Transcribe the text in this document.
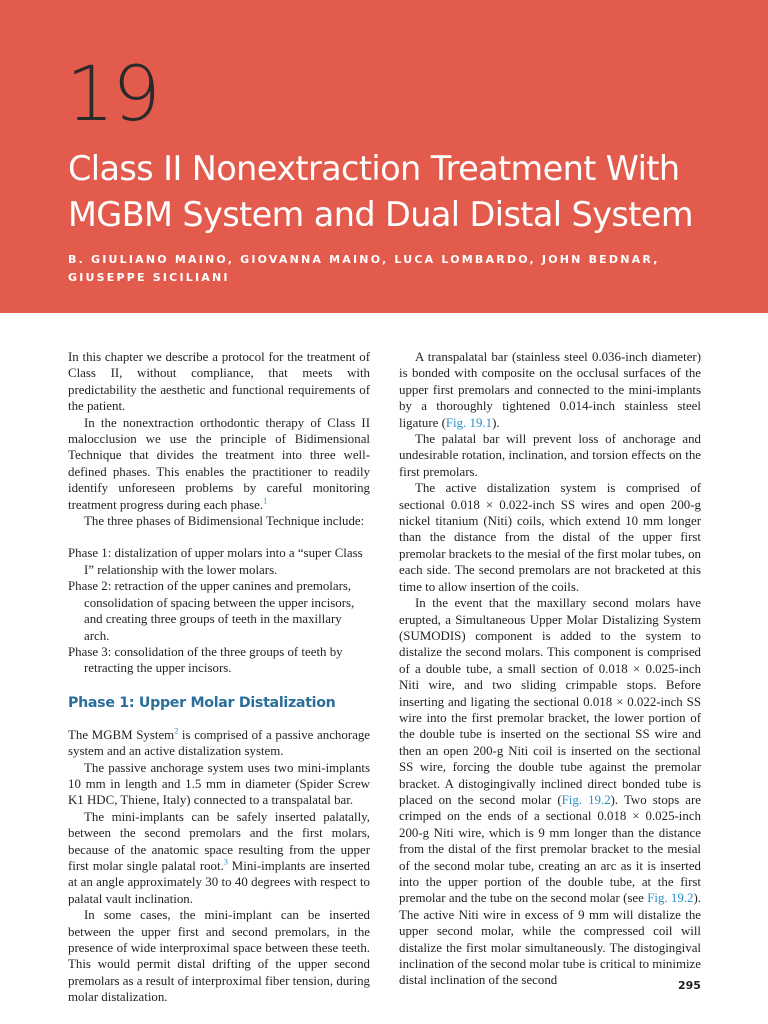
19
Class II Nonextraction Treatment With MGBM System and Dual Distal System
B. GIULIANO MAINO, GIOVANNA MAINO, LUCA LOMBARDO, JOHN BEDNAR, GIUSEPPE SICILIANI

In this chapter we describe a protocol for the treatment of Class II, without compliance, that meets with predictability the aesthetic and functional requirements of the patient.

In the nonextraction orthodontic therapy of Class II malocclusion we use the principle of Bidimensional Technique that divides the treatment into three well-defined phases. This enables the practitioner to readily identify unforeseen problems by careful monitoring treatment progress during each phase.$^1$

The three phases of Bidimensional Technique include:

Phase 1: distalization of upper molars into a “super Class I” relationship with the lower molars.

Phase 2: retraction of the upper canines and premolars, consolidation of spacing between the upper incisors, and creating three groups of teeth in the maxillary arch.

Phase 3: consolidation of the three groups of teeth by retracting the upper incisors.

Phase 1: Upper Molar Distalization

The MGBM System$^2$ is comprised of a passive anchorage system and an active distalization system.

The passive anchorage system uses two mini-implants 10 mm in length and 1.5 mm in diameter (Spider Screw K1 HDC, Thiene, Italy) connected to a transpalatal bar.

The mini-implants can be safely inserted palatally, between the second premolars and the first molars, because of the anatomic space resulting from the upper first molar single palatal root.$^3$ Mini-implants are inserted at an angle approximately 30 to 40 degrees with respect to palatal vault inclination.

In some cases, the mini-implant can be inserted between the upper first and second premolars, in the presence of wide interproximal space between these teeth. This would permit distal drifting of the upper second premolars as a result of interproximal fiber tension, during molar distalization.

A transpalatal bar (stainless steel 0.036-inch diameter) is bonded with composite on the occlusal surfaces of the upper first premolars and connected to the mini-implants by a thoroughly tightened 0.014-inch stainless steel ligature (Fig. 19.1).

The palatal bar will prevent loss of anchorage and undesirable rotation, inclination, and torsion effects on the first premolars.

The active distalization system is comprised of sectional 0.018 × 0.022-inch SS wires and open 200-g nickel titanium (Niti) coils, which extend 10 mm longer than the distance from the distal of the upper first premolar brackets to the mesial of the first molar tubes, on each side. The second premolars are not bracketed at this time to allow insertion of the coils.

In the event that the maxillary second molars have erupted, a Simultaneous Upper Molar Distalizing System (SUMODIS) component is added to the system to distalize the second molars. This component is comprised of a double tube, a small section of 0.018 × 0.025-inch Niti wire, and two sliding crimpable stops. Before inserting and ligating the sectional 0.018 × 0.022-inch SS wire into the first premolar bracket, the lower portion of the double tube is inserted on the sectional SS wire and then an open 200-g Niti coil is inserted on the sectional SS wire, forcing the double tube against the premolar bracket. A distogingivally inclined direct bonded tube is placed on the second molar (Fig. 19.2). Two stops are crimped on the ends of a sectional 0.018 × 0.025-inch 200-g Niti wire, which is 9 mm longer than the distance from the distal of the first premolar bracket to the mesial of the second molar tube, creating an arc as it is inserted into the upper portion of the double tube, at the first premolar and the tube on the second molar (see Fig. 19.2). The active Niti wire in excess of 9 mm will distalize the upper second molar, while the compressed coil will distalize the first molar simultaneously. The distogingival inclination of the second molar tube is critical to minimize distal inclination of the second	295
